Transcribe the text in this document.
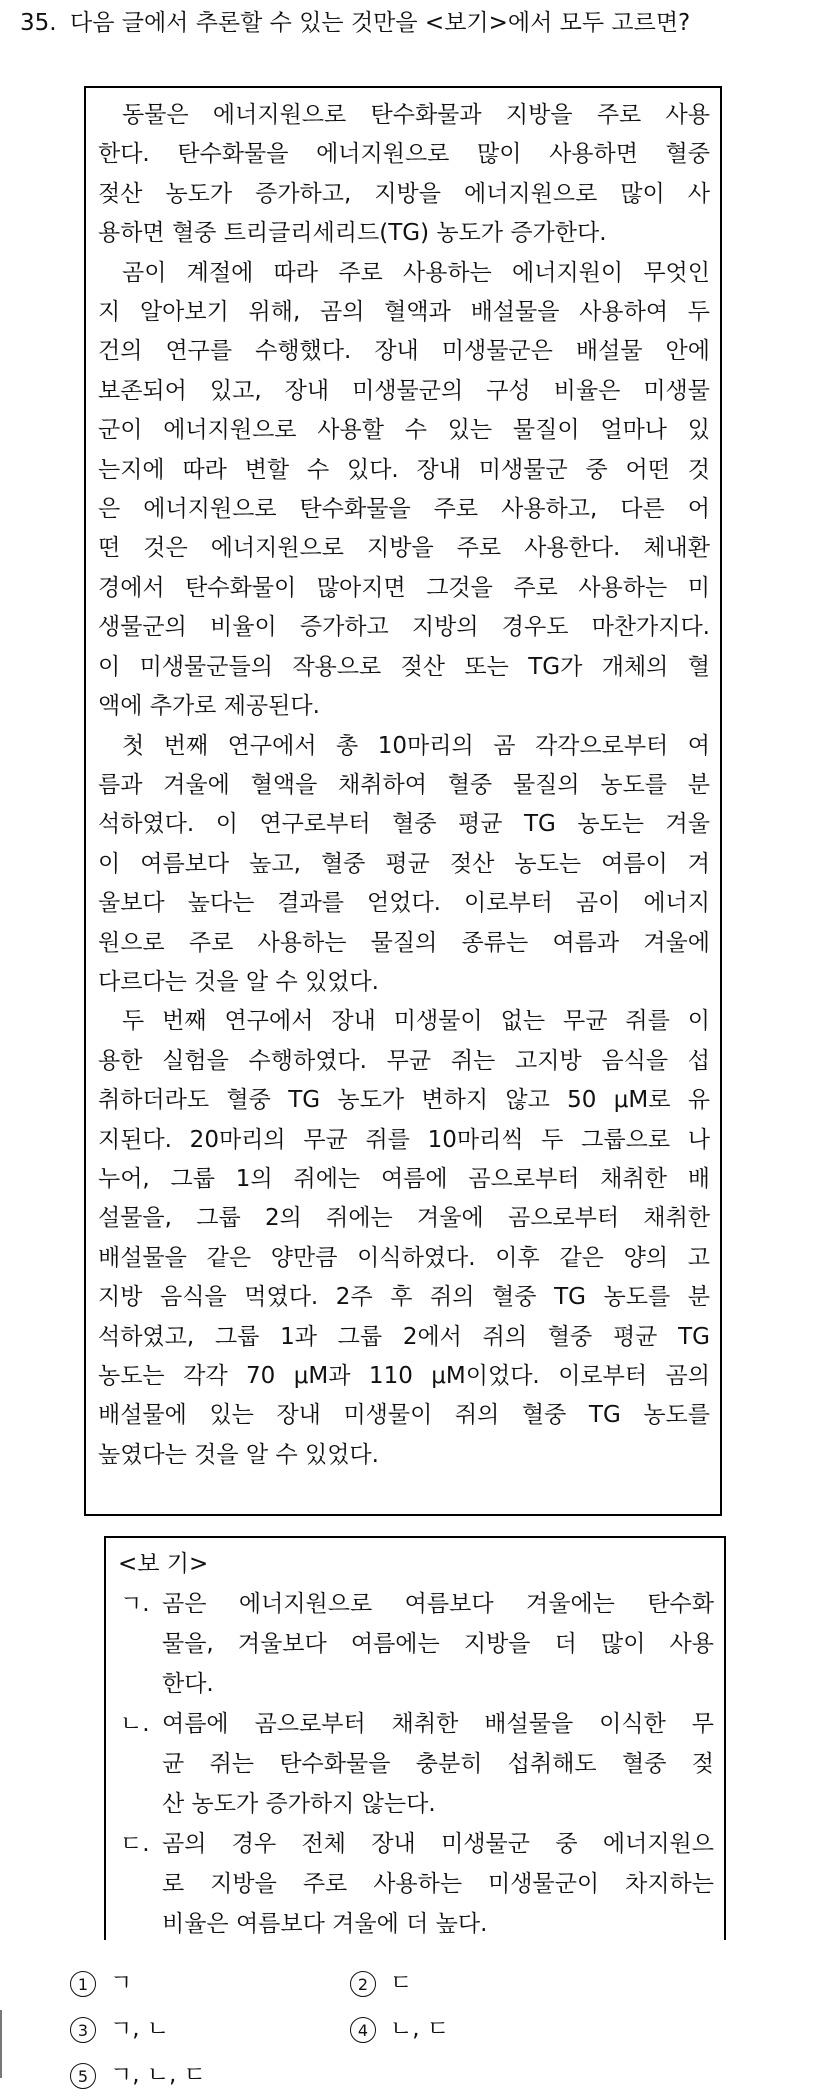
35. 다음 글에서 추론할 수 있는 것만을 <보기>에서 모두 고르면?
동물은 에너지원으로 탄수화물과 지방을 주로 사용
한다. 탄수화물을 에너지원으로 많이 사용하면 혈중
젖산 농도가 증가하고, 지방을 에너지원으로 많이 사
용하면 혈중 트리글리세리드(TG) 농도가 증가한다.
곰이 계절에 따라 주로 사용하는 에너지원이 무엇인
지 알아보기 위해, 곰의 혈액과 배설물을 사용하여 두
건의 연구를 수행했다. 장내 미생물군은 배설물 안에
보존되어 있고, 장내 미생물군의 구성 비율은 미생물
군이 에너지원으로 사용할 수 있는 물질이 얼마나 있
는지에 따라 변할 수 있다. 장내 미생물군 중 어떤 것
은 에너지원으로 탄수화물을 주로 사용하고, 다른 어
떤 것은 에너지원으로 지방을 주로 사용한다. 체내환
경에서 탄수화물이 많아지면 그것을 주로 사용하는 미
생물군의 비율이 증가하고 지방의 경우도 마찬가지다.
이 미생물군들의 작용으로 젖산 또는 TG가 개체의 혈
액에 추가로 제공된다.
첫 번째 연구에서 총 10마리의 곰 각각으로부터 여
름과 겨울에 혈액을 채취하여 혈중 물질의 농도를 분
석하였다. 이 연구로부터 혈중 평균 TG 농도는 겨울
이 여름보다 높고, 혈중 평균 젖산 농도는 여름이 겨
울보다 높다는 결과를 얻었다. 이로부터 곰이 에너지
원으로 주로 사용하는 물질의 종류는 여름과 겨울에
다르다는 것을 알 수 있었다.
두 번째 연구에서 장내 미생물이 없는 무균 쥐를 이
용한 실험을 수행하였다. 무균 쥐는 고지방 음식을 섭
취하더라도 혈중 TG 농도가 변하지 않고 50 μM로 유
지된다. 20마리의 무균 쥐를 10마리씩 두 그룹으로 나
누어, 그룹 1의 쥐에는 여름에 곰으로부터 채취한 배
설물을, 그룹 2의 쥐에는 겨울에 곰으로부터 채취한
배설물을 같은 양만큼 이식하였다. 이후 같은 양의 고
지방 음식을 먹였다. 2주 후 쥐의 혈중 TG 농도를 분
석하였고, 그룹 1과 그룹 2에서 쥐의 혈중 평균 TG
농도는 각각 70 μM과 110 μM이었다. 이로부터 곰의
배설물에 있는 장내 미생물이 쥐의 혈중 TG 농도를
높였다는 것을 알 수 있었다.
<보 기>
ㄱ. 곰은 에너지원으로 여름보다 겨울에는 탄수화
물을, 겨울보다 여름에는 지방을 더 많이 사용
한다.
ㄴ. 여름에 곰으로부터 채취한 배설물을 이식한 무
균 쥐는 탄수화물을 충분히 섭취해도 혈중 젖
산 농도가 증가하지 않는다.
ㄷ. 곰의 경우 전체 장내 미생물군 중 에너지원으
로 지방을 주로 사용하는 미생물군이 차지하는
비율은 여름보다 겨울에 더 높다.
1 ㄱ	2 ㄷ
3 ㄱ, ㄴ	4 ㄴ, ㄷ
5 ㄱ, ㄴ, ㄷ
